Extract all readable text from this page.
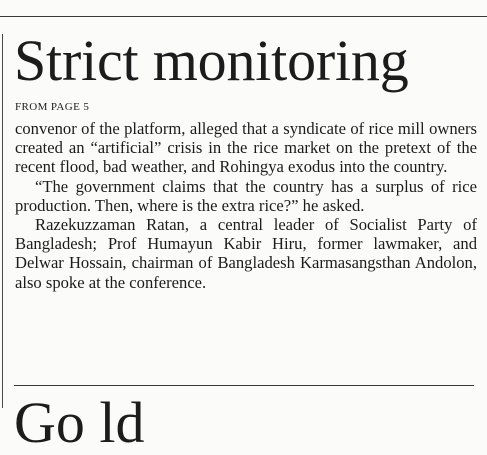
Strict monitoring
FROM PAGE 5

convenor of the platform, alleged that a syndicate of rice mill owners created an “artificial” crisis in the rice market on the pretext of the recent flood, bad weather, and Rohingya exodus into the country.

“The government claims that the country has a surplus of rice production. Then, where is the extra rice?” he asked.

Razekuzzaman Ratan, a central leader of Socialist Party of Bangladesh; Prof Humayun Kabir Hiru, former lawmaker, and Delwar Hossain, chairman of Bangladesh Karmasangsthan Andolon, also spoke at the conference.

Go ld
